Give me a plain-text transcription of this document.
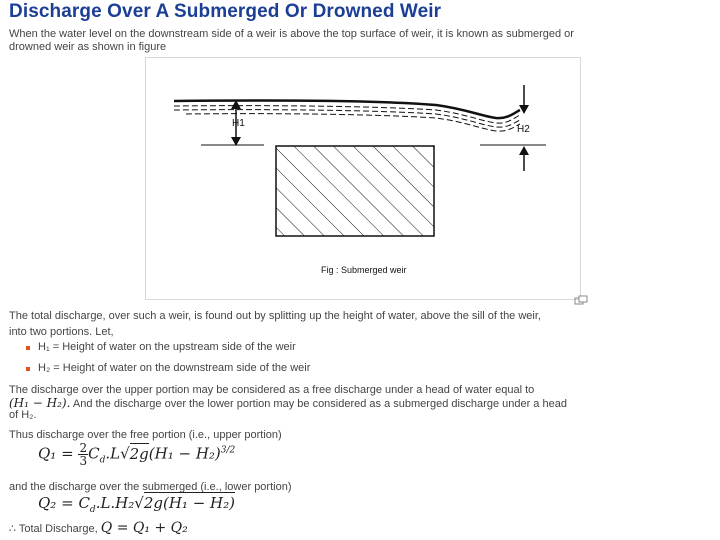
Discharge Over A Submerged Or Drowned Weir
When the water level on the downstream side of a weir is above the top surface of weir, it is known as submerged or
drowned weir as shown in figure
H1
H2
Fig : Submerged weir
The total discharge, over such a weir, is found out by splitting up the height of water, above the sill of the weir,
into two portions. Let,
H₁ = Height of water on the upstream side of the weir
H₂ = Height of water on the downstream side of the weir
The discharge over the upper portion may be considered as a free discharge under a head of water equal to
(H₁ − H₂). And the discharge over the lower portion may be considered as a submerged discharge under a head
of H₂.
Thus discharge over the free portion (i.e., upper portion)
$Q_1 = \frac{2}{3} C_d.L√2g(H_1 - H_2)^{3/2}$
and the discharge over the submerged (i.e., lower portion)
$Q_2 = C_d.L.H_2√2g(H_1 - H_2)$
∴ Total Discharge, Q = Q₁ + Q₂
